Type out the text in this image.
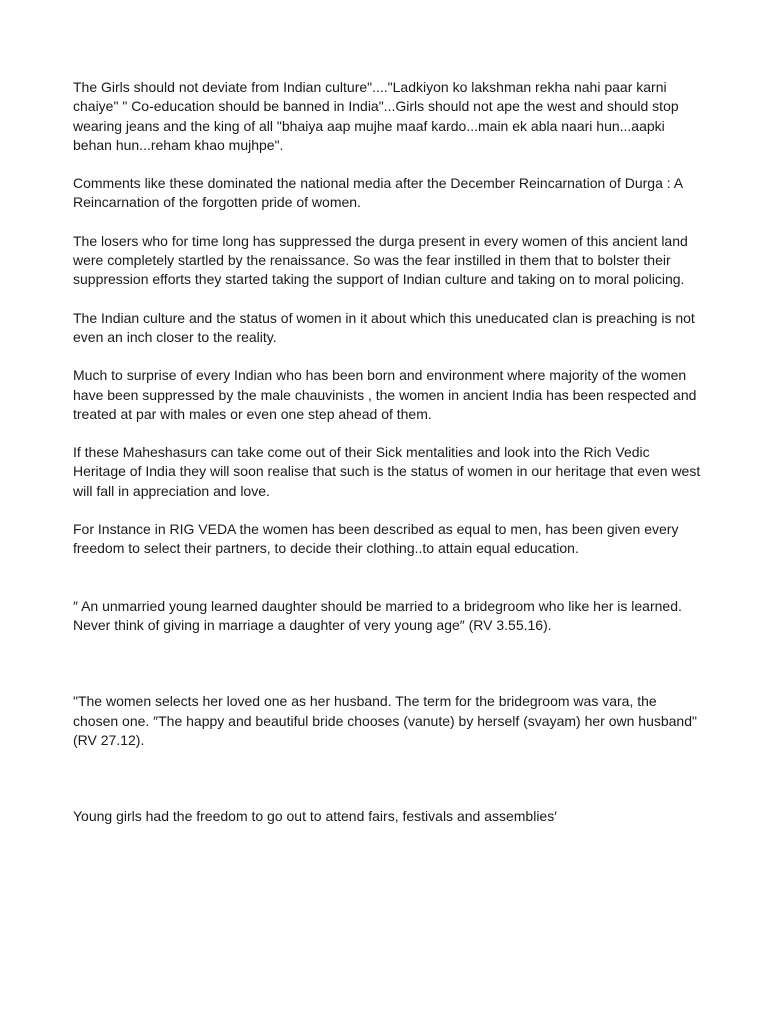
The Girls should not deviate from Indian culture"...."Ladkiyon ko lakshman rekha nahi paar karni chaiye" " Co-education should be banned in India"...Girls should not ape the west and should stop wearing jeans and the king of all "bhaiya aap mujhe maaf kardo...main ek abla naari hun...aapki behan hun...reham khao mujhpe".

Comments like these dominated the national media after the December Reincarnation of Durga : A Reincarnation of the forgotten pride of women.

The losers who for time long has suppressed the durga present in every women of this ancient land were completely startled by the renaissance. So was the fear instilled in them that to bolster their suppression efforts they started taking the support of Indian culture and taking on to moral policing.

The Indian culture and the status of women in it about which this uneducated clan is preaching is not even an inch closer to the reality.

Much to surprise of every Indian who has been born and environment where majority of the women have been suppressed by the male chauvinists , the women in ancient India has been respected and treated at par with males or even one step ahead of them.

If these Maheshasurs can take come out of their Sick mentalities and look into the Rich Vedic Heritage of India they will soon realise that such is the status of women in our heritage that even west will fall in appreciation and love.

For Instance in RIG VEDA the women has been described as equal to men, has been given every freedom to select their partners, to decide their clothing..to attain equal education.

″ An unmarried young learned daughter should be married to a bridegroom who like her is learned. Never think of giving in marriage a daughter of very young age″ (RV 3.55.16).

"The women selects her loved one as her husband. The term for the bridegroom was vara, the chosen one. ″The happy and beautiful bride chooses (vanute) by herself (svayam) her own husband" (RV 27.12).

Young girls had the freedom to go out to attend fairs, festivals and assemblies′
